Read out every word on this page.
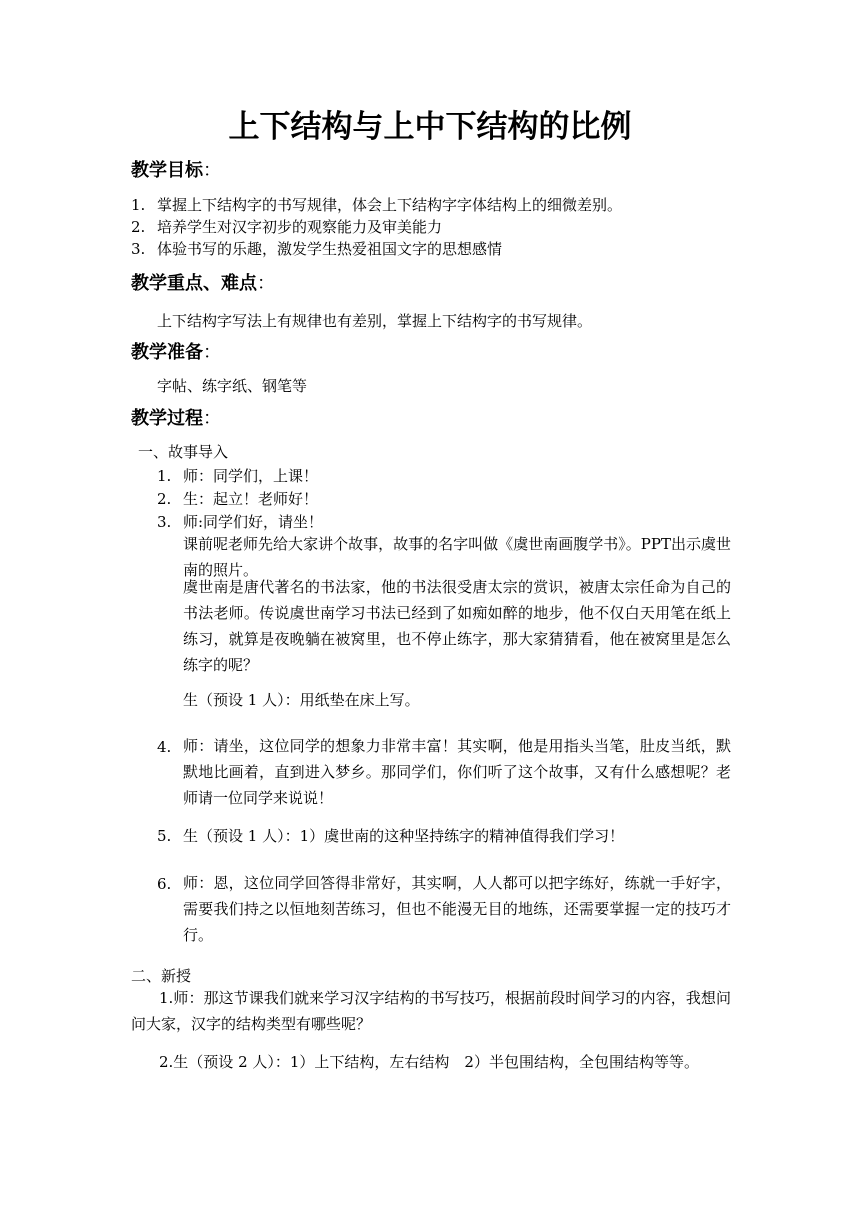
上下结构与上中下结构的比例
教学目标：
1. 掌握上下结构字的书写规律，体会上下结构字字体结构上的细微差别。
2. 培养学生对汉字初步的观察能力及审美能力
3. 体验书写的乐趣，激发学生热爱祖国文字的思想感情
教学重点、难点：
上下结构字写法上有规律也有差别，掌握上下结构字的书写规律。
教学准备：
字帖、练字纸、钢笔等
教学过程：
一、故事导入
1. 师：同学们，上课！
2. 生：起立！老师好！
3. 师:同学们好，请坐！
课前呢老师先给大家讲个故事，故事的名字叫做《虞世南画腹学书》。PPT出示虞世南的照片。
虞世南是唐代著名的书法家，他的书法很受唐太宗的赏识，被唐太宗任命为自己的书法老师。传说虞世南学习书法已经到了如痴如醉的地步，他不仅白天用笔在纸上练习，就算是夜晚躺在被窝里，也不停止练字，那大家猜猜看，他在被窝里是怎么练字的呢？
生（预设 1 人）：用纸垫在床上写。
4. 师：请坐，这位同学的想象力非常丰富！其实啊，他是用指头当笔，肚皮当纸，默默地比画着，直到进入梦乡。那同学们，你们听了这个故事，又有什么感想呢？老师请一位同学来说说！
5. 生（预设 1 人）：1）虞世南的这种坚持练字的精神值得我们学习！
6. 师：恩，这位同学回答得非常好，其实啊，人人都可以把字练好，练就一手好字，需要我们持之以恒地刻苦练习，但也不能漫无目的地练，还需要掌握一定的技巧才行。
二、新授
1.师：那这节课我们就来学习汉字结构的书写技巧，根据前段时间学习的内容，我想问问大家，汉字的结构类型有哪些呢？
2.生（预设 2 人）：1）上下结构，左右结构　2）半包围结构，全包围结构等等。
